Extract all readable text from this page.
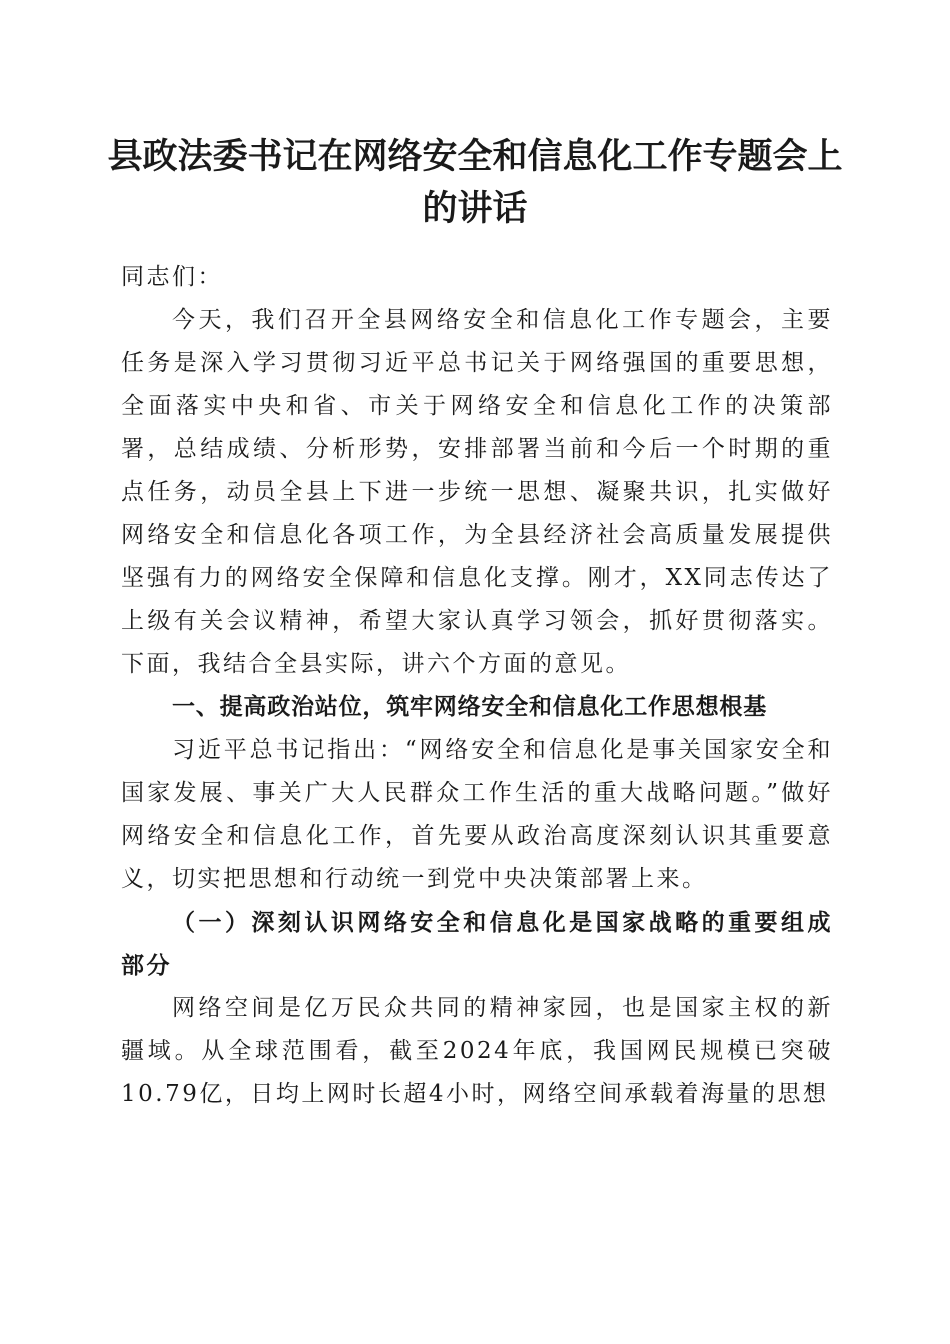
县政法委书记在网络安全和信息化工作专题会上的讲话

同志们：

今天，我们召开全县网络安全和信息化工作专题会，主要任务是深入学习贯彻习近平总书记关于网络强国的重要思想，全面落实中央和省、市关于网络安全和信息化工作的决策部署，总结成绩、分析形势，安排部署当前和今后一个时期的重点任务，动员全县上下进一步统一思想、凝聚共识，扎实做好网络安全和信息化各项工作，为全县经济社会高质量发展提供坚强有力的网络安全保障和信息化支撑。刚才，XX同志传达了上级有关会议精神，希望大家认真学习领会，抓好贯彻落实。下面，我结合全县实际，讲六个方面的意见。

一、提高政治站位，筑牢网络安全和信息化工作思想根基

习近平总书记指出：“网络安全和信息化是事关国家安全和国家发展、事关广大人民群众工作生活的重大战略问题。”做好网络安全和信息化工作，首先要从政治高度深刻认识其重要意义，切实把思想和行动统一到党中央决策部署上来。

（一）深刻认识网络安全和信息化是国家战略的重要组成部分

网络空间是亿万民众共同的精神家园，也是国家主权的新疆域。从全球范围看，截至2024年底，我国网民规模已突破10.79亿，日均上网时长超4小时，网络空间承载着海量的思想
